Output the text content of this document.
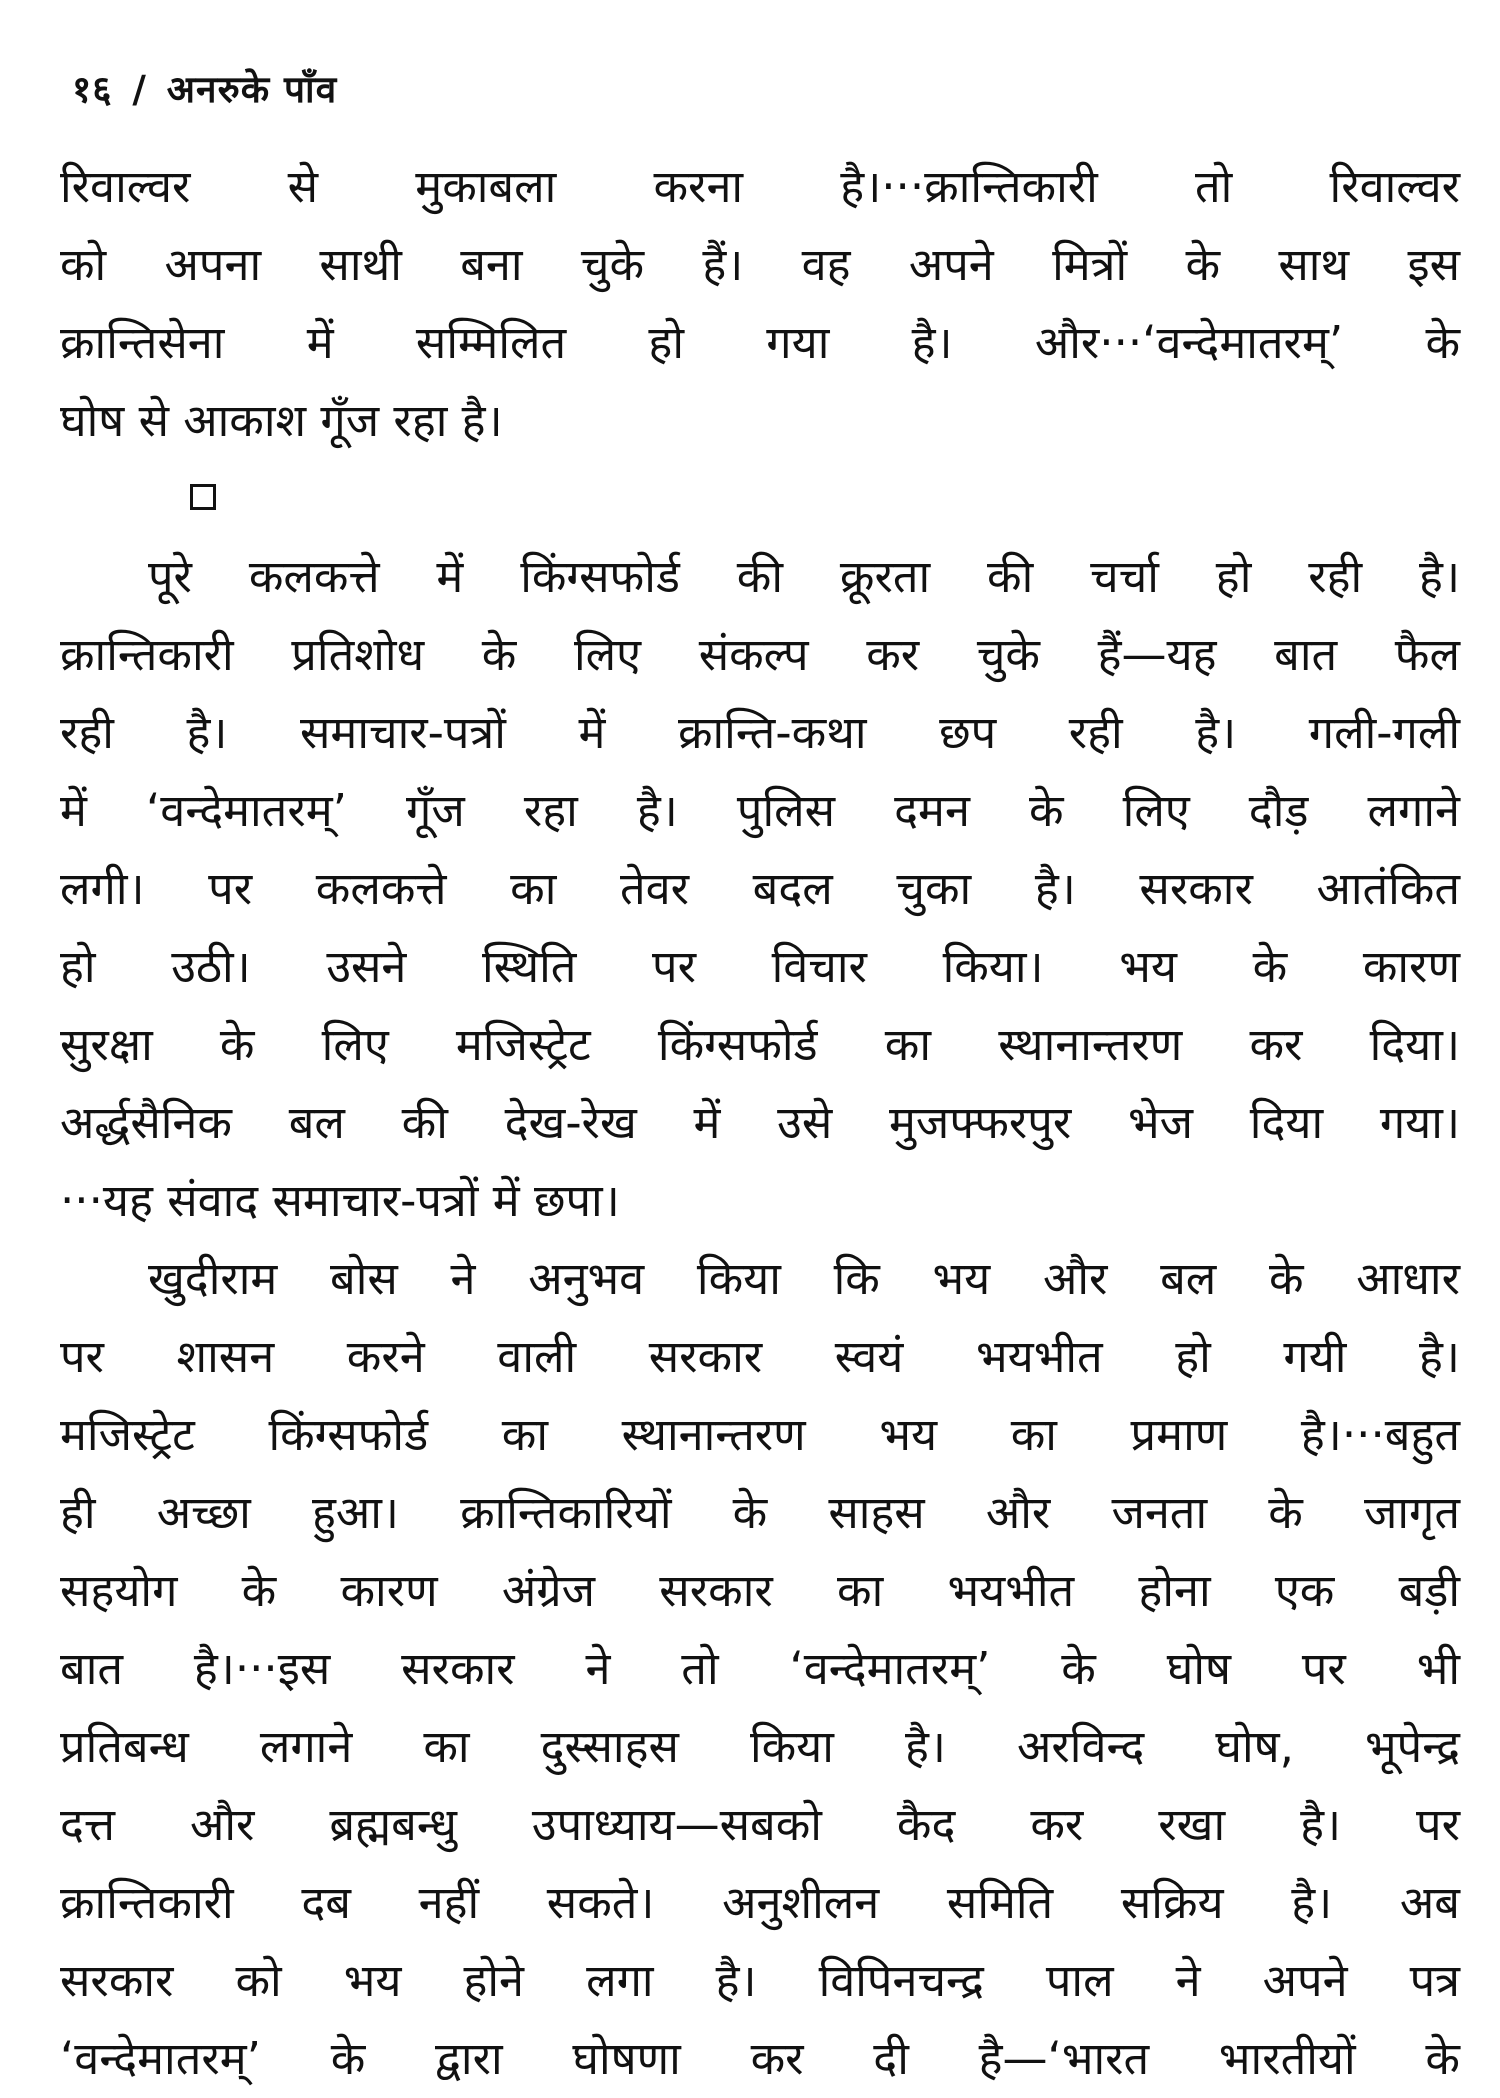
१६ / अनरुके पाँव
रिवाल्वर से मुकाबला करना है।···क्रान्तिकारी तो रिवाल्वर
को अपना साथी बना चुके हैं। वह अपने मित्रों के साथ इस
क्रान्तिसेना में सम्मिलित हो गया है। और···‘वन्देमातरम्’ के
घोष से आकाश गूँज रहा है।
पूरे कलकत्ते में किंग्सफोर्ड की क्रूरता की चर्चा हो रही है।
क्रान्तिकारी प्रतिशोध के लिए संकल्प कर चुके हैं—यह बात फैल
रही है। समाचार-पत्रों में क्रान्ति-कथा छप रही है। गली-गली
में ‘वन्देमातरम्’ गूँज रहा है। पुलिस दमन के लिए दौड़ लगाने
लगी। पर कलकत्ते का तेवर बदल चुका है। सरकार आतंकित
हो उठी। उसने स्थिति पर विचार किया। भय के कारण
सुरक्षा के लिए मजिस्ट्रेट किंग्सफोर्ड का स्थानान्तरण कर दिया।
अर्द्धसैनिक बल की देख-रेख में उसे मुजफ्फरपुर भेज दिया गया।
···यह संवाद समाचार-पत्रों में छपा।
खुदीराम बोस ने अनुभव किया कि भय और बल के आधार
पर शासन करने वाली सरकार स्वयं भयभीत हो गयी है।
मजिस्ट्रेट किंग्सफोर्ड का स्थानान्तरण भय का प्रमाण है।···बहुत
ही अच्छा हुआ। क्रान्तिकारियों के साहस और जनता के जागृत
सहयोग के कारण अंग्रेज सरकार का भयभीत होना एक बड़ी
बात है।···इस सरकार ने तो ‘वन्देमातरम्’ के घोष पर भी
प्रतिबन्ध लगाने का दुस्साहस किया है। अरविन्द घोष, भूपेन्द्र
दत्त और ब्रह्मबन्धु उपाध्याय—सबको कैद कर रखा है। पर
क्रान्तिकारी दब नहीं सकते। अनुशीलन समिति सक्रिय है। अब
सरकार को भय होने लगा है। विपिनचन्द्र पाल ने अपने पत्र
‘वन्देमातरम्’ के द्वारा घोषणा कर दी है—‘भारत भारतीयों के
